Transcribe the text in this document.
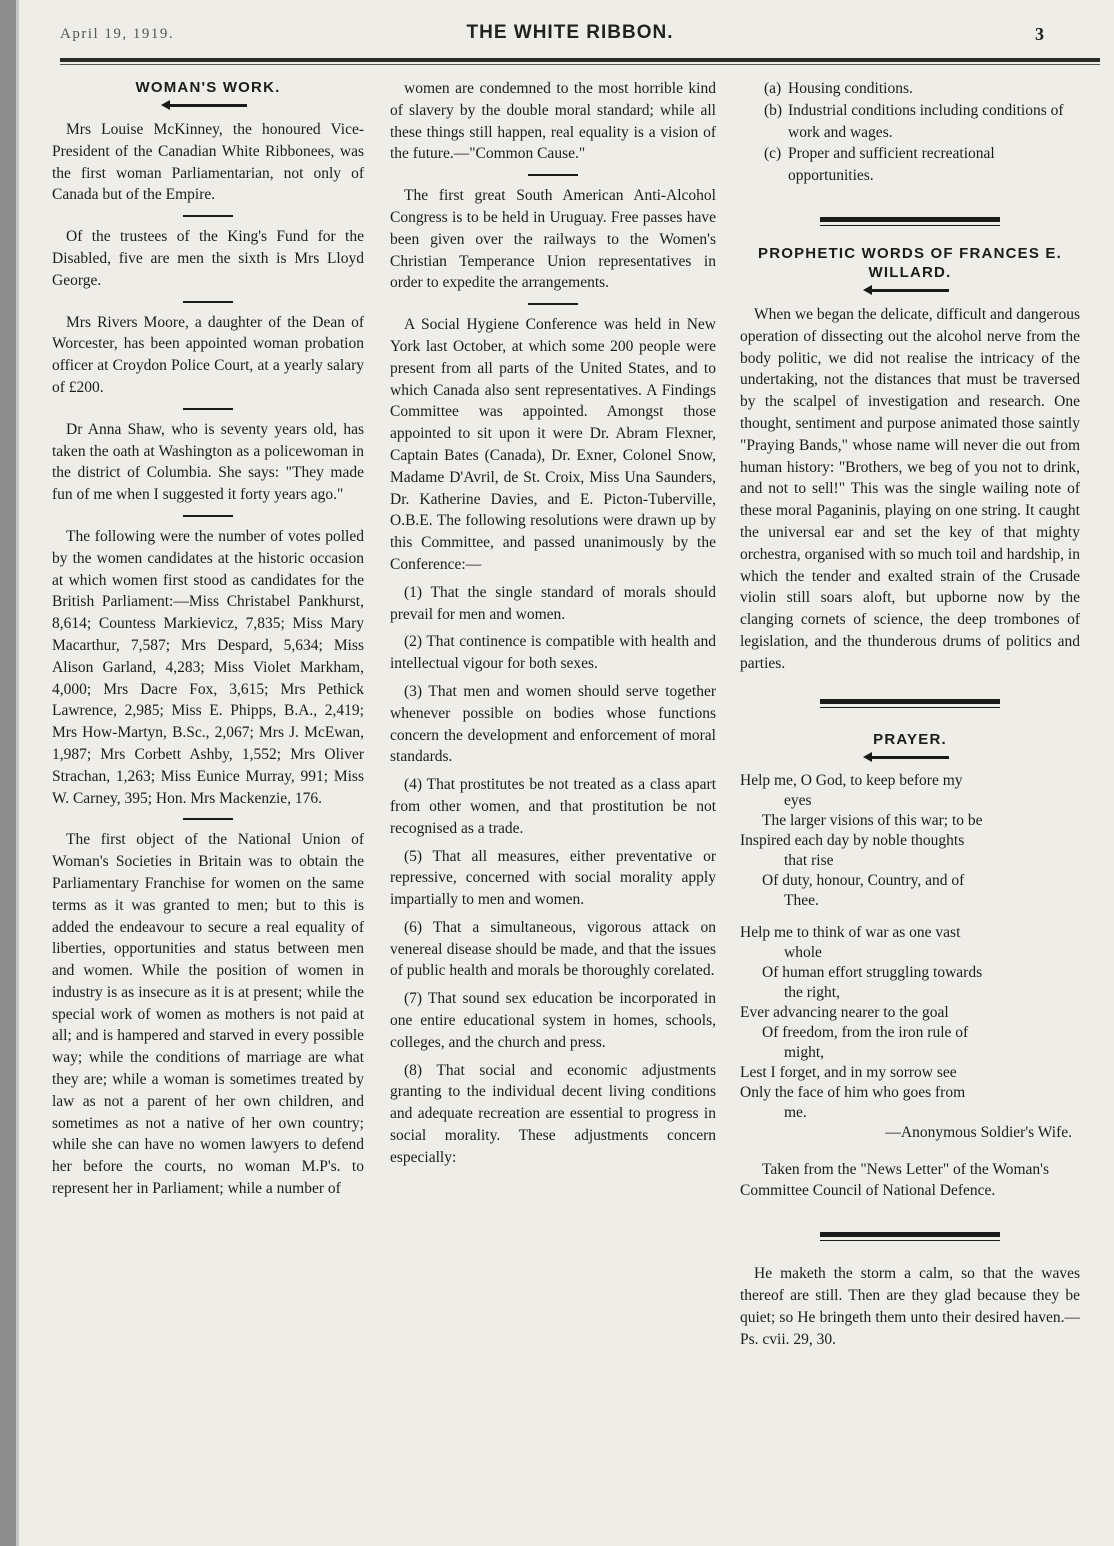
April 19, 1919.	THE WHITE RIBBON.	3
WOMAN'S WORK.

Mrs Louise McKinney, the honoured Vice-President of the Canadian White Ribbonees, was the first woman Parliamentarian, not only of Canada but of the Empire.

Of the trustees of the King's Fund for the Disabled, five are men the sixth is Mrs Lloyd George.

Mrs Rivers Moore, a daughter of the Dean of Worcester, has been appointed woman probation officer at Croydon Police Court, at a yearly salary of £200.

Dr Anna Shaw, who is seventy years old, has taken the oath at Washington as a policewoman in the district of Columbia. She says: "They made fun of me when I suggested it forty years ago."

The following were the number of votes polled by the women candidates at the historic occasion at which women first stood as candidates for the British Parliament:—Miss Christabel Pankhurst, 8,614; Countess Markievicz, 7,835; Miss Mary Macarthur, 7,587; Mrs Despard, 5,634; Miss Alison Garland, 4,283; Miss Violet Markham, 4,000; Mrs Dacre Fox, 3,615; Mrs Pethick Lawrence, 2,985; Miss E. Phipps, B.A., 2,419; Mrs How-Martyn, B.Sc., 2,067; Mrs J. McEwan, 1,987; Mrs Corbett Ashby, 1,552; Mrs Oliver Strachan, 1,263; Miss Eunice Murray, 991; Miss W. Carney, 395; Hon. Mrs Mackenzie, 176.

The first object of the National Union of Woman's Societies in Britain was to obtain the Parliamentary Franchise for women on the same terms as it was granted to men; but to this is added the endeavour to secure a real equality of liberties, opportunities and status between men and women. While the position of women in industry is as insecure as it is at present; while the special work of women as mothers is not paid at all; and is hampered and starved in every possible way; while the conditions of marriage are what they are; while a woman is sometimes treated by law as not a parent of her own children, and sometimes as not a native of her own country; while she can have no women lawyers to defend her before the courts, no woman M.P's. to represent her in Parliament; while a number of

women are condemned to the most horrible kind of slavery by the double moral standard; while all these things still happen, real equality is a vision of the future.—"Common Cause."

The first great South American Anti-Alcohol Congress is to be held in Uruguay. Free passes have been given over the railways to the Women's Christian Temperance Union representatives in order to expedite the arrangements.

A Social Hygiene Conference was held in New York last October, at which some 200 people were present from all parts of the United States, and to which Canada also sent representatives. A Findings Committee was appointed. Amongst those appointed to sit upon it were Dr. Abram Flexner, Captain Bates (Canada), Dr. Exner, Colonel Snow, Madame D'Avril, de St. Croix, Miss Una Saunders, Dr. Katherine Davies, and E. Picton-Tuberville, O.B.E. The following resolutions were drawn up by this Committee, and passed unanimously by the Conference:—

(1) That the single standard of morals should prevail for men and women.

(2) That continence is compatible with health and intellectual vigour for both sexes.

(3) That men and women should serve together whenever possible on bodies whose functions concern the development and enforcement of moral standards.

(4) That prostitutes be not treated as a class apart from other women, and that prostitution be not recognised as a trade.

(5) That all measures, either preventative or repressive, concerned with social morality apply impartially to men and women.

(6) That a simultaneous, vigorous attack on venereal disease should be made, and that the issues of public health and morals be thoroughly corelated.

(7) That sound sex education be incorporated in one entire educational system in homes, schools, colleges, and the church and press.

(8) That social and economic adjustments granting to the individual decent living conditions and adequate recreation are essential to progress in social morality. These adjustments concern especially:

(a) Housing conditions.
(b) Industrial conditions including conditions of work and wages.
(c) Proper and sufficient recreational opportunities.
PROPHETIC WORDS OF FRANCES E. WILLARD.

When we began the delicate, difficult and dangerous operation of dissecting out the alcohol nerve from the body politic, we did not realise the intricacy of the undertaking, not the distances that must be traversed by the scalpel of investigation and research. One thought, sentiment and purpose animated those saintly "Praying Bands," whose name will never die out from human history: "Brothers, we beg of you not to drink, and not to sell!" This was the single wailing note of these moral Paganinis, playing on one string. It caught the universal ear and set the key of that mighty orchestra, organised with so much toil and hardship, in which the tender and exalted strain of the Crusade violin still soars aloft, but upborne now by the clanging cornets of science, the deep trombones of legislation, and the thunderous drums of politics and parties.

PRAYER.
Help me, O God, to keep before my
eyes
The larger visions of this war; to be
Inspired each day by noble thoughts
that rise
Of duty, honour, Country, and of
Thee.
Help me to think of war as one vast
whole
Of human effort struggling towards
the right,
Ever advancing nearer to the goal
Of freedom, from the iron rule of
might,
Lest I forget, and in my sorrow see
Only the face of him who goes from
me.
—Anonymous Soldier's Wife.

Taken from the "News Letter" of the Woman's Committee Council of National Defence.

He maketh the storm a calm, so that the waves thereof are still. Then are they glad because they be quiet; so He bringeth them unto their desired haven.—Ps. cvii. 29, 30.
